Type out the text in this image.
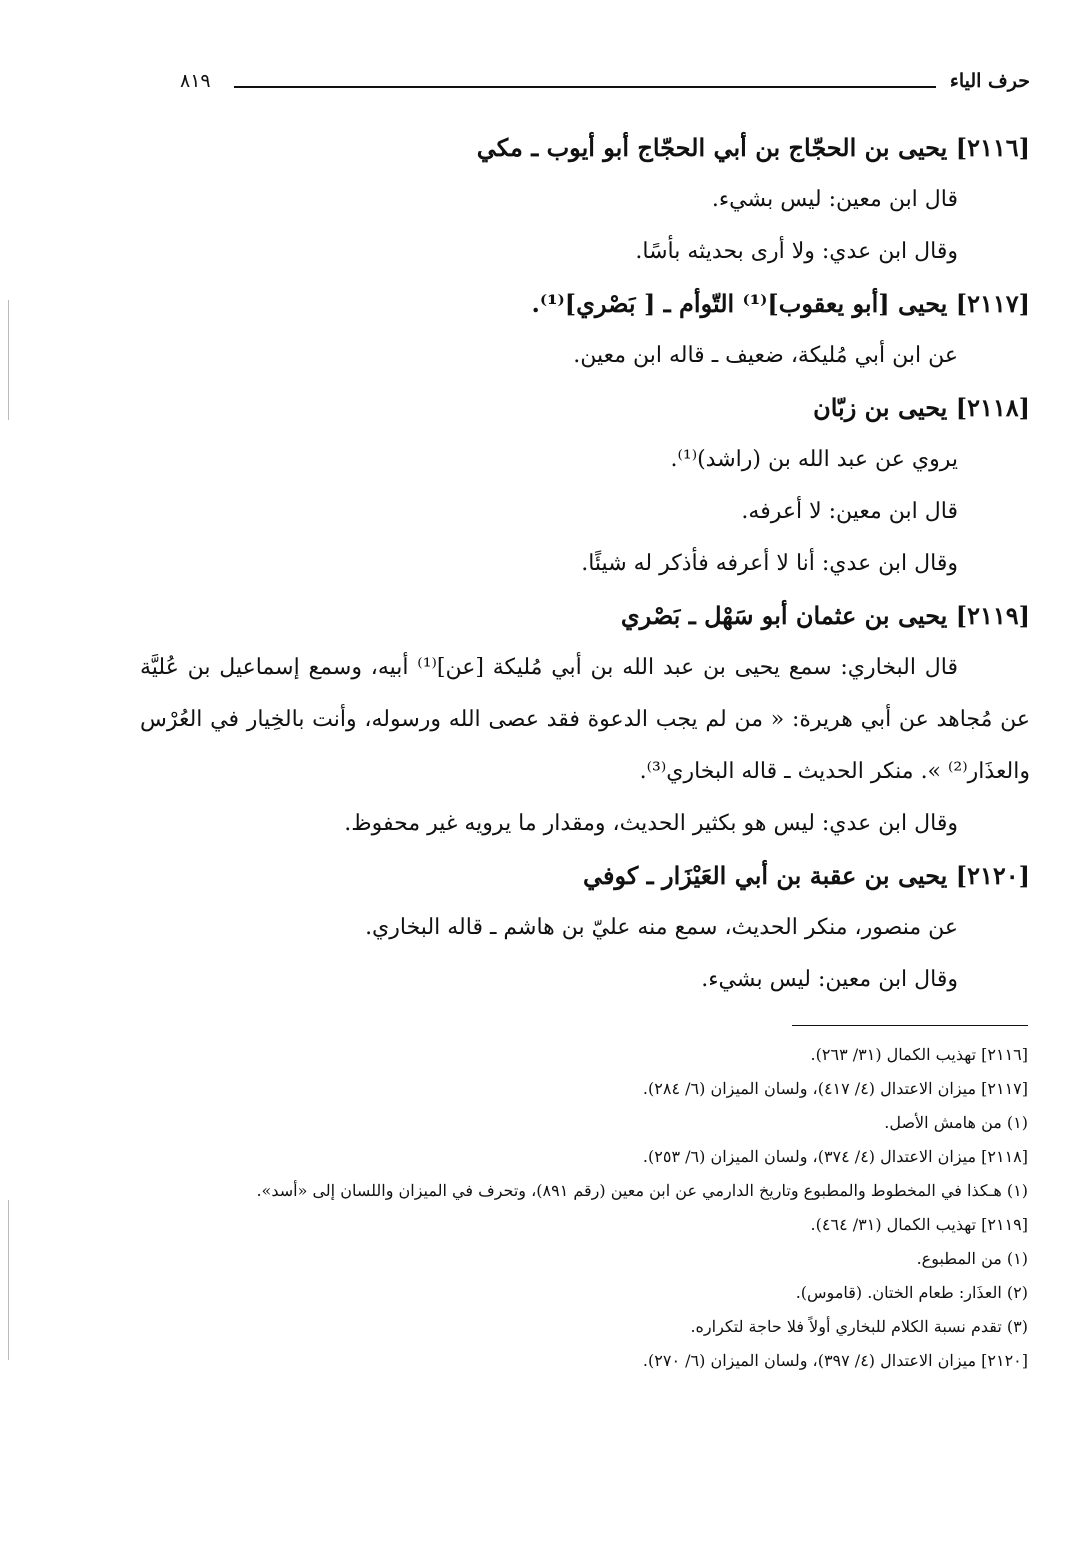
حرف الياء
٨١٩
[٢١١٦] يحيى بن الحجّاج بن أبي الحجّاج أبو أيوب ـ مكي
قال ابن معين: ليس بشيء.
وقال ابن عدي: ولا أرى بحديثه بأسًا.
[٢١١٧] يحيى [أبو يعقوب]⁽¹⁾ التّوأم ـ [ بَصْري]⁽¹⁾.
عن ابن أبي مُليكة، ضعيف ـ قاله ابن معين.
[٢١١٨] يحيى بن زبّان
يروي عن عبد الله بن (راشد)⁽¹⁾.
قال ابن معين: لا أعرفه.
وقال ابن عدي: أنا لا أعرفه فأذكر له شيئًا.
[٢١١٩] يحيى بن عثمان أبو سَهْل ـ بَصْري
قال البخاري: سمع يحيى بن عبد الله بن أبي مُليكة [عن]⁽¹⁾ أبيه، وسمع إسماعيل بن عُليَّة عن مُجاهد عن أبي هريرة: « من لم يجب الدعوة فقد عصى الله ورسوله، وأنت بالخِيار في العُرْس والعذَار⁽²⁾ ». منكر الحديث ـ قاله البخاري⁽³⁾.
وقال ابن عدي: ليس هو بكثير الحديث، ومقدار ما يرويه غير محفوظ.
[٢١٢٠] يحيى بن عقبة بن أبي العَيْزَار ـ كوفي
عن منصور، منكر الحديث، سمع منه عليّ بن هاشم ـ قاله البخاري.
وقال ابن معين: ليس بشيء.
[٢١١٦] تهذيب الكمال (٣١/ ٢٦٣).
[٢١١٧] ميزان الاعتدال (٤/ ٤١٧)، ولسان الميزان (٦/ ٢٨٤).
(١) من هامش الأصل.
[٢١١٨] ميزان الاعتدال (٤/ ٣٧٤)، ولسان الميزان (٦/ ٢٥٣).
(١) هـكذا في المخطوط والمطبوع وتاريخ الدارمي عن ابن معين (رقم ٨٩١)، وتحرف في الميزان واللسان إلى «أسد».
[٢١١٩] تهذيب الكمال (٣١/ ٤٦٤).
(١) من المطبوع.
(٢) العذَار: طعام الختان. (قاموس).
(٣) تقدم نسبة الكلام للبخاري أولاً فلا حاجة لتكراره.
[٢١٢٠] ميزان الاعتدال (٤/ ٣٩٧)، ولسان الميزان (٦/ ٢٧٠).
